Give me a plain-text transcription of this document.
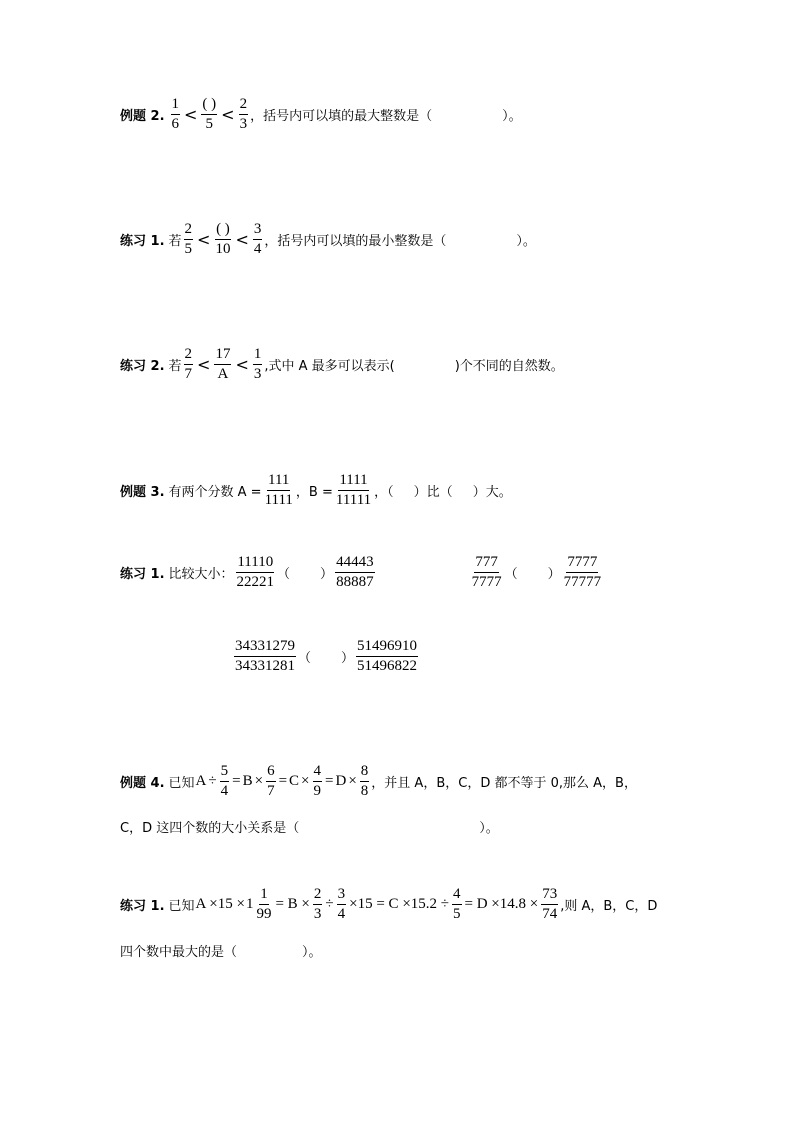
例题 2. $\frac{1}{6} < \frac{( )}{5} < \frac{2}{3}$ ，括号内可以填的最大整数是（	）。
练习 1. 若 $\frac{2}{5} < \frac{( )}{10} < \frac{3}{4}$ ，括号内可以填的最小整数是（	）。
练习 2. 若 $\frac{2}{7} < \frac{17}{A} < \frac{1}{3}$ ,式中 A 最多可以表示(	)个不同的自然数。
例题 3. 有两个分数 $A = \frac{111}{1111}$ ，$B = \frac{1111}{11111}$ ，（ ）比（ ）大。
练习 1. 比较大小： $\frac{11110}{22221}$ （ ） $\frac{44443}{88887}$	$\frac{777}{7777}$ （ ） $\frac{7777}{77777}$
$\frac{34331279}{34331281}$ （ ） $\frac{51496910}{51496822}$
例题 4. 已知 $A \div \frac{5}{4} = B \times \frac{6}{7} = C \times \frac{4}{9} = D \times \frac{8}{8}$ ，并且 A，B，C，D 都不等于 0,那么 A，B，
C，D 这四个数的大小关系是（	）。
练习 1. 已知 $A \times 15 \times 1 \frac{1}{99} = B \times \frac{2}{3} \div \frac{3}{4} \times 15 = C \times 15.2 \div \frac{4}{5} = D \times 14.8 \times \frac{73}{74}$ ,则 A，B，C，D
四个数中最大的是（	）。
